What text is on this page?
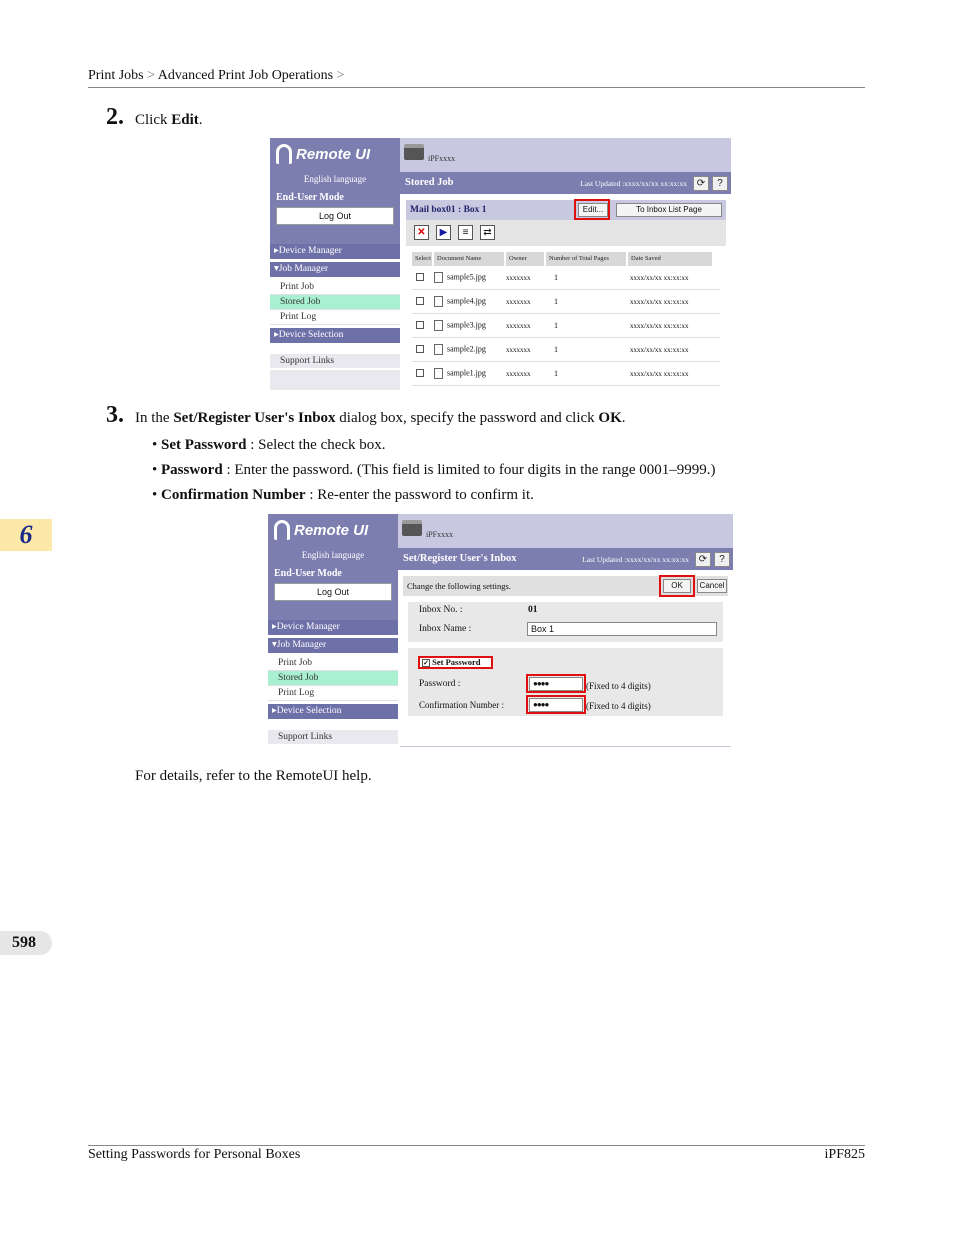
Print Jobs > Advanced Print Job Operations >
2. Click Edit.
Remote UI
English language
End-User Mode
Log Out
▸Device Manager
▾Job Manager
Print Job
Stored Job
Print Log
▸Device Selection
Support Links
iPFxxxx
Stored Job	Last Updated :xxxx/xx/xx xx:xx:xx ⟳	?
Mail box01 : Box 1	Edit...	To Inbox List Page
✕	▶	≡	⇄
Select Document Name	Owner	Number of Total Pages	Date Saved
sample5.jpg	xxxxxxx	1	xxxx/xx/xx xx:xx:xx
sample4.jpg	xxxxxxx	1	xxxx/xx/xx xx:xx:xx
sample3.jpg	xxxxxxx	1	xxxx/xx/xx xx:xx:xx
sample2.jpg	xxxxxxx	1	xxxx/xx/xx xx:xx:xx
sample1.jpg	xxxxxxx	1	xxxx/xx/xx xx:xx:xx
3. In the Set/Register User's Inbox dialog box, specify the password and click OK.
• Set Password : Select the check box.
• Password : Enter the password. (This field is limited to four digits in the range 0001–9999.)
• Confirmation Number : Re-enter the password to confirm it.
Remote UI
English language
End-User Mode
Log Out
▸Device Manager
▾Job Manager
Print Job
Stored Job
Print Log
▸Device Selection
Support Links
iPFxxxx
Set/Register User's Inbox	Last Updated :xxxx/xx/xx xx:xx:xx ⟳	?
Change the following settings.	OK	Cancel
Inbox No. :	01
Inbox Name :	Box 1
✓ Set Password
Password :	●●●●	(Fixed to 4 digits)
Confirmation Number :	●●●●	(Fixed to 4 digits)
For details, refer to the RemoteUI help.
6
598
Setting Passwords for Personal Boxes	iPF825
